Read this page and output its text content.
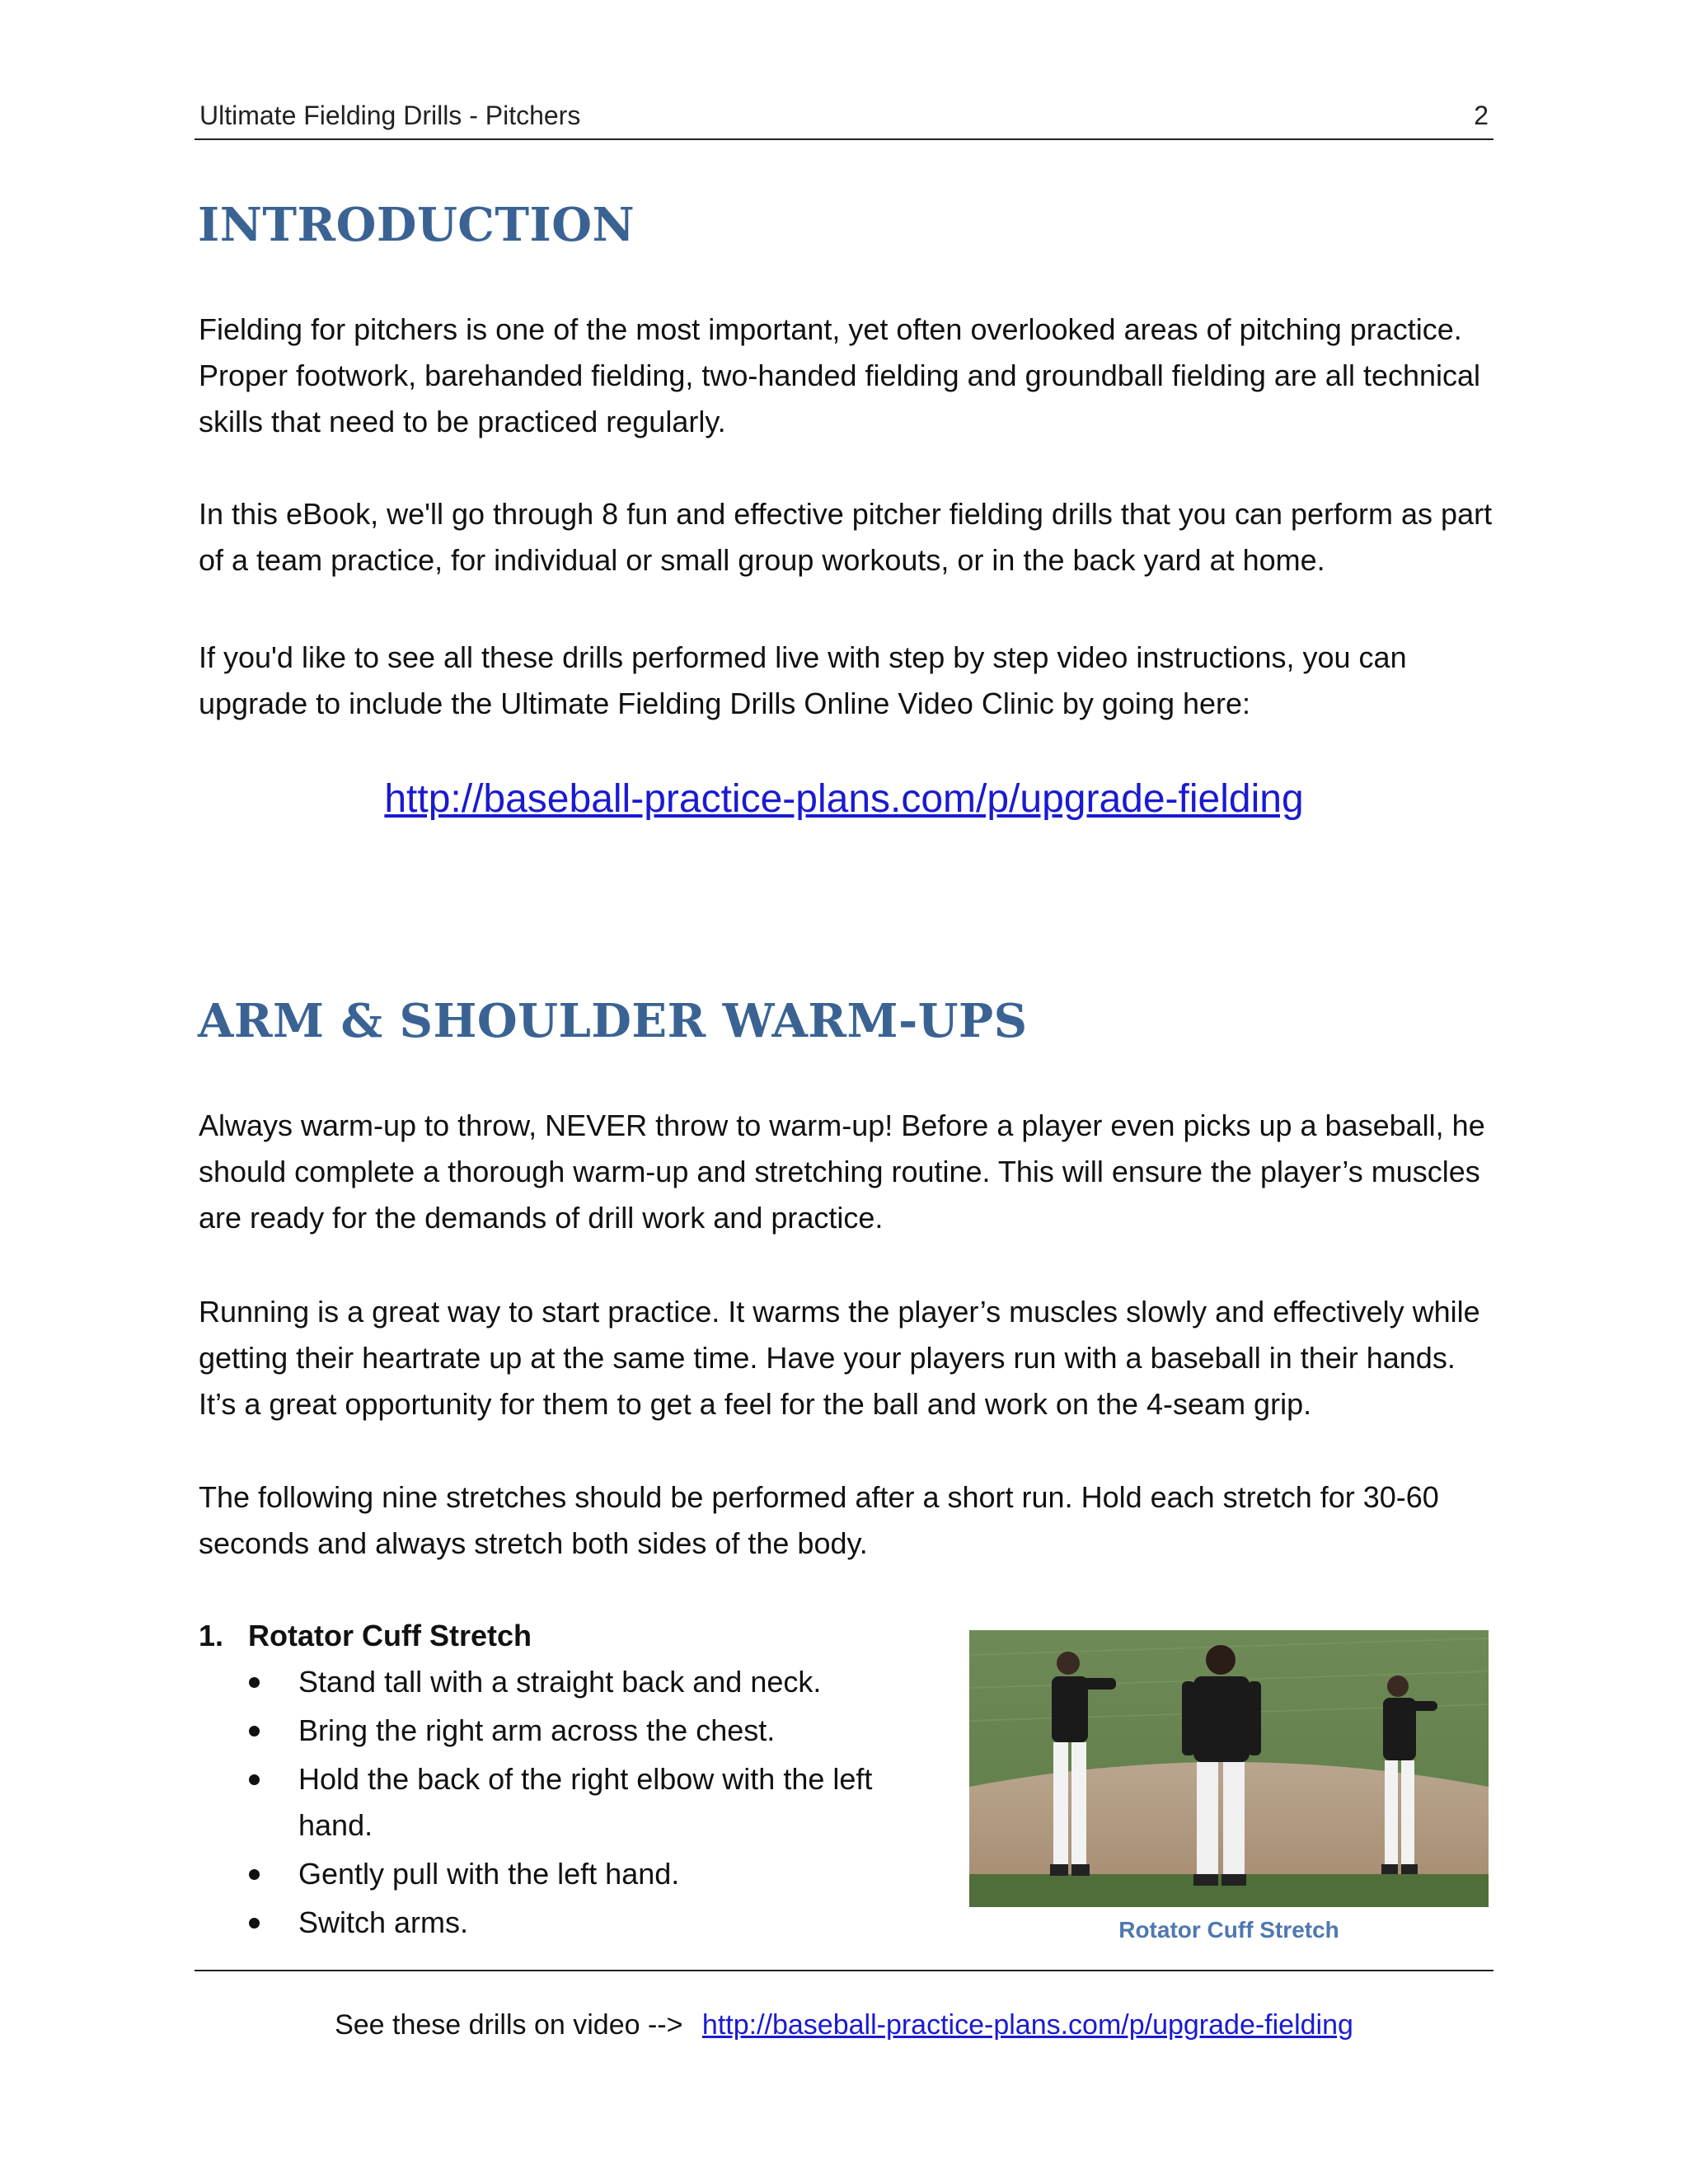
Ultimate Fielding Drills - Pitchers	2
INTRODUCTION
Fielding for pitchers is one of the most important, yet often overlooked areas of pitching practice. Proper footwork, barehanded fielding, two-handed fielding and groundball fielding are all technical skills that need to be practiced regularly.
In this eBook, we'll go through 8 fun and effective pitcher fielding drills that you can perform as part of a team practice, for individual or small group workouts, or in the back yard at home.
If you'd like to see all these drills performed live with step by step video instructions, you can upgrade to include the Ultimate Fielding Drills Online Video Clinic by going here:
http://baseball-practice-plans.com/p/upgrade-fielding
ARM & SHOULDER WARM-UPS
Always warm-up to throw, NEVER throw to warm-up! Before a player even picks up a baseball, he should complete a thorough warm-up and stretching routine. This will ensure the player’s muscles are ready for the demands of drill work and practice.
Running is a great way to start practice. It warms the player’s muscles slowly and effectively while getting their heartrate up at the same time. Have your players run with a baseball in their hands. It’s a great opportunity for them to get a feel for the ball and work on the 4-seam grip.
The following nine stretches should be performed after a short run. Hold each stretch for 30-60 seconds and always stretch both sides of the body.
1. Rotator Cuff Stretch
Stand tall with a straight back and neck.
Bring the right arm across the chest.
Hold the back of the right elbow with the left hand.
Gently pull with the left hand.
Switch arms.	Rotator Cuff Stretch
See these drills on video --> http://baseball-practice-plans.com/p/upgrade-fielding
